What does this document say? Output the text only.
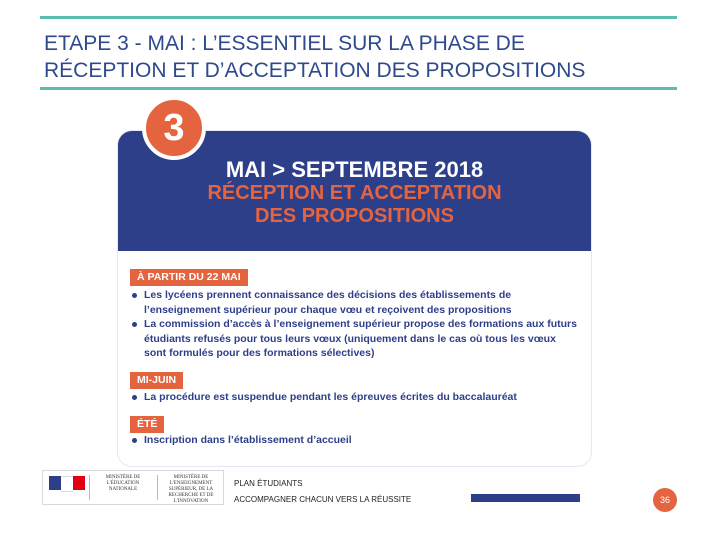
ETAPE 3 - MAI : L’ESSENTIEL SUR LA PHASE DE
RÉCEPTION ET D’ACCEPTATION DES PROPOSITIONS
MAI > SEPTEMBRE 2018
RÉCEPTION ET ACCEPTATION
DES PROPOSITIONS
À PARTIR DU 22 MAI
Les lycéens prennent connaissance des décisions des établissements de l’enseignement supérieur pour chaque vœu et reçoivent des propositions
La commission d’accès à l’enseignement supérieur propose des formations aux futurs étudiants refusés pour tous leurs vœux (uniquement dans le cas où tous les vœux sont formulés pour des formations sélectives)
MI-JUIN
La procédure est suspendue pendant les épreuves écrites du baccalauréat
ÉTÉ
Inscription dans l’établissement d’accueil
3
MINISTÈRE DE L'ÉDUCATION NATIONALE
MINISTÈRE DE L'ENSEIGNEMENT SUPÉRIEUR, DE LA RECHERCHE ET DE L'INNOVATION
PLAN ÉTUDIANTS
ACCOMPAGNER CHACUN VERS LA RÉUSSITE	36
